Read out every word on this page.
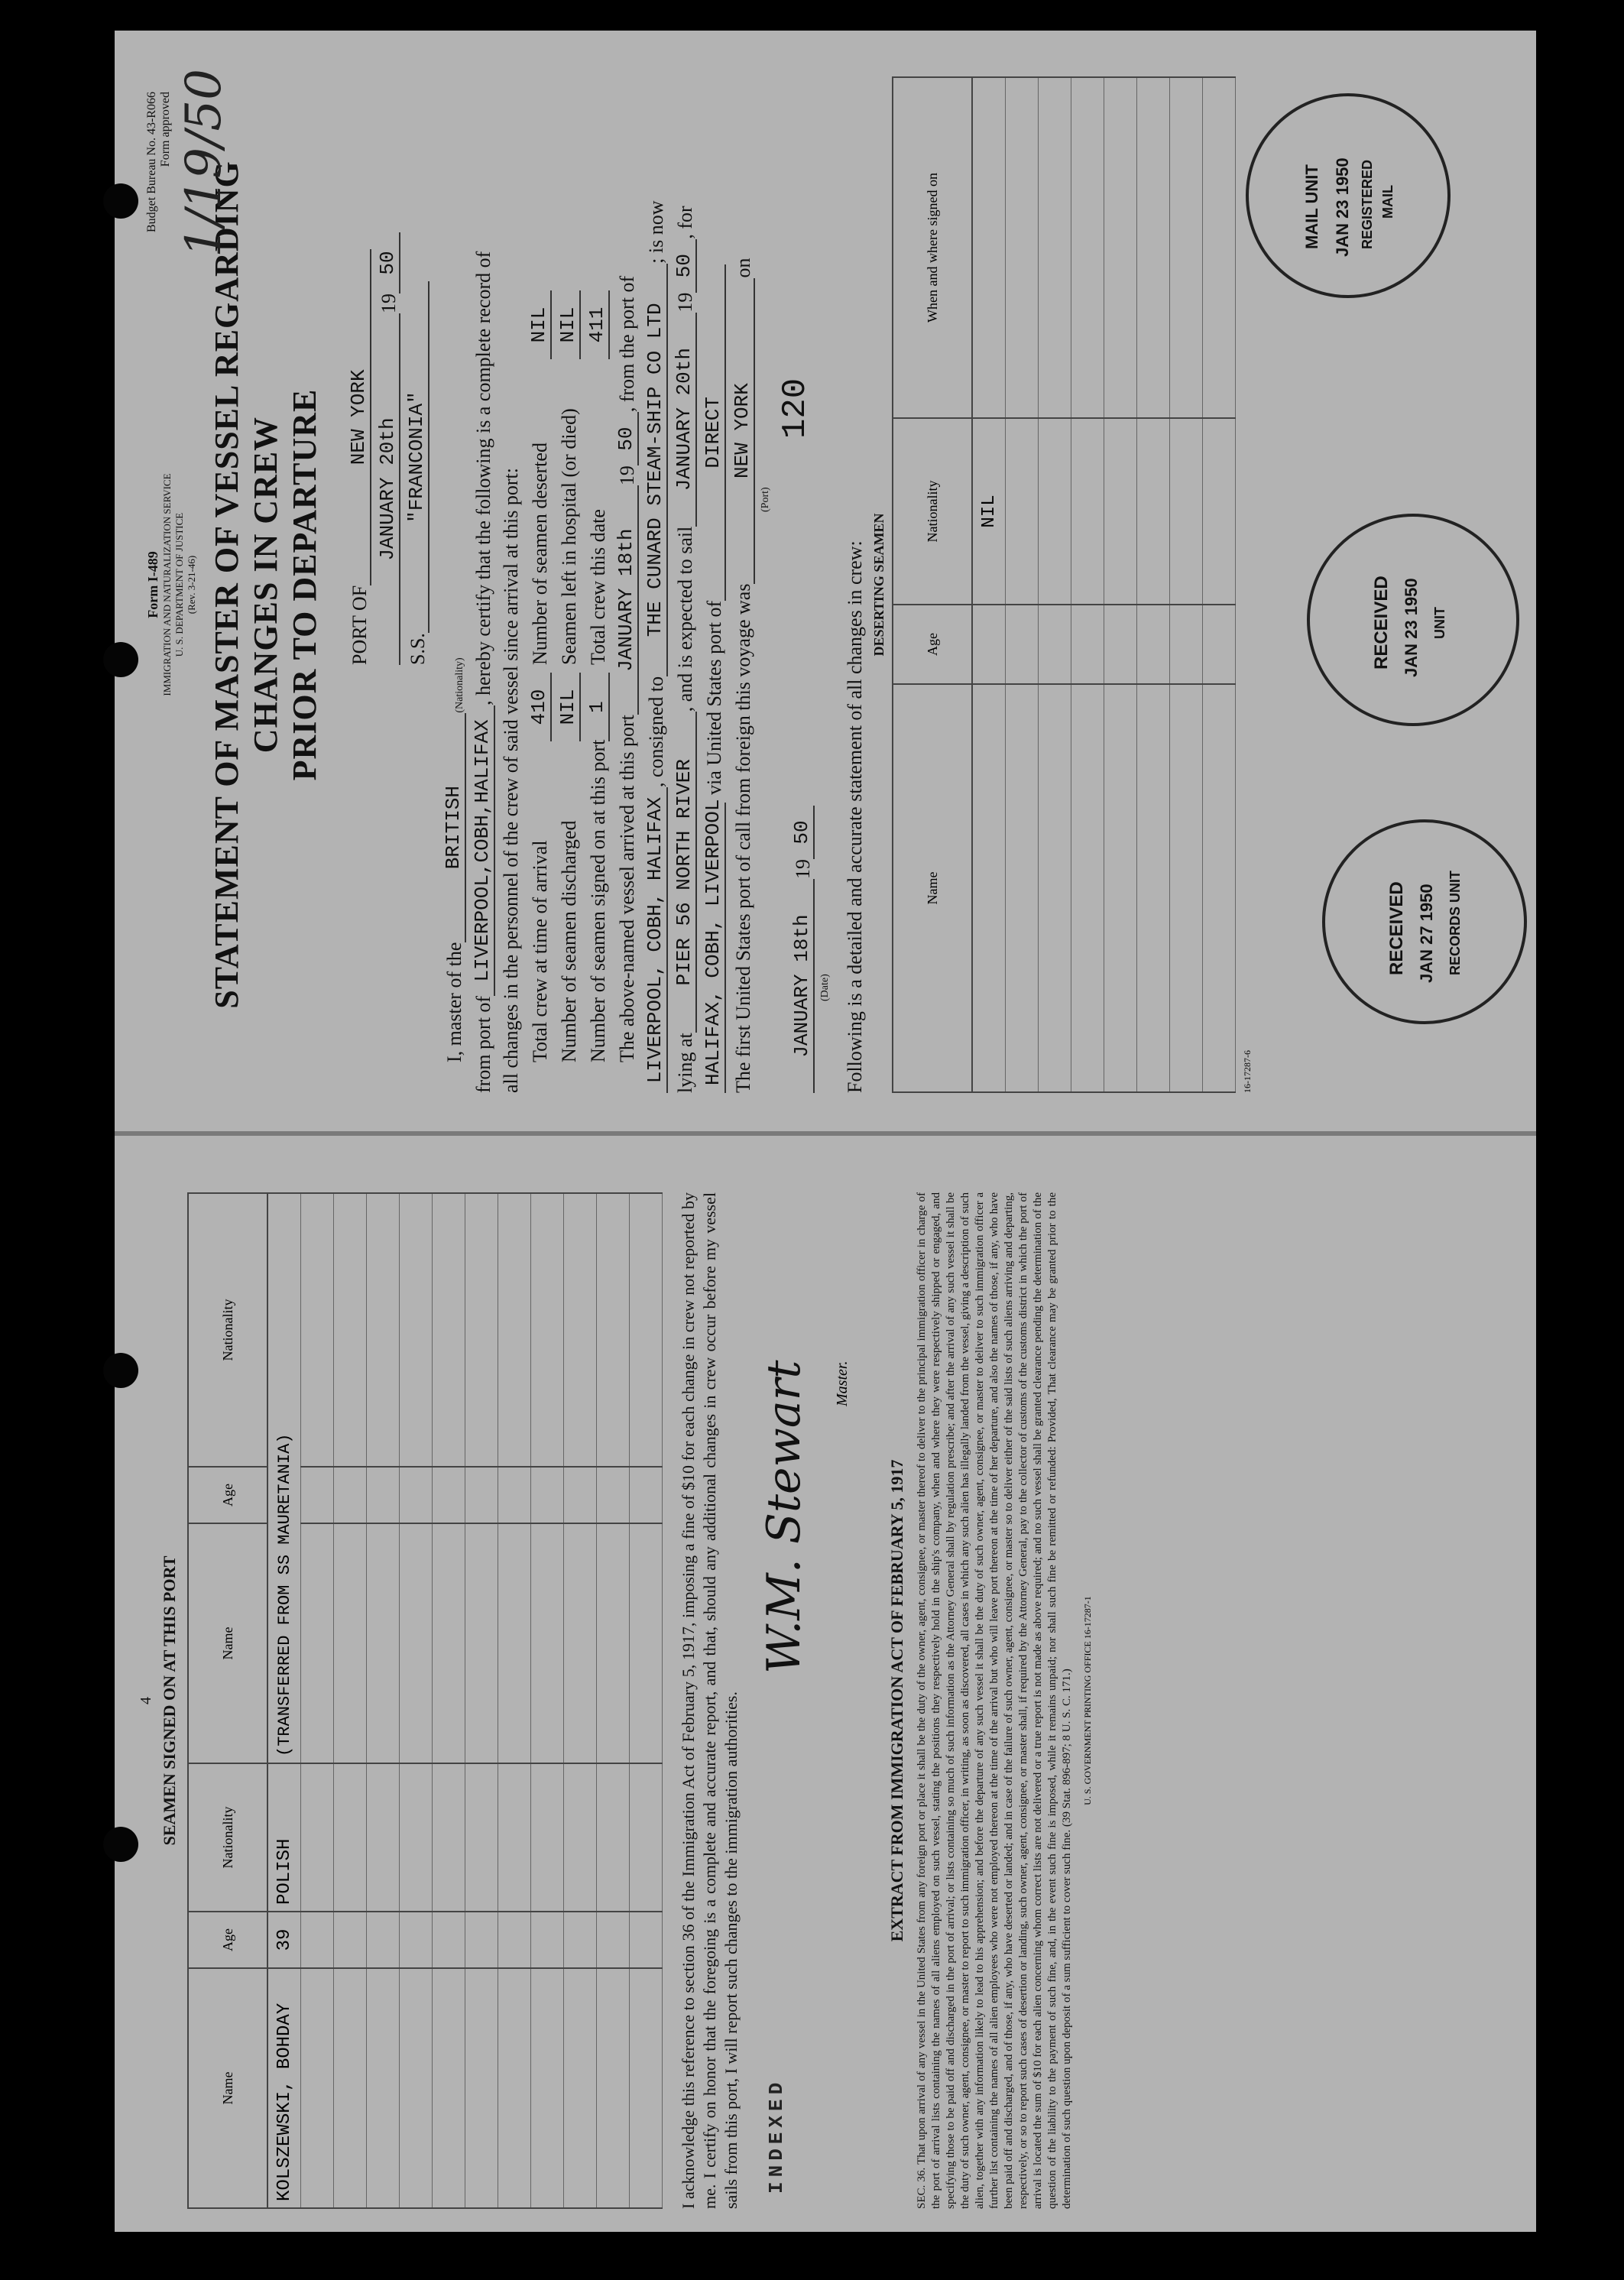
Budget Bureau No. 43-R066 Form approved 1/19/50
Form I-489 IMMIGRATION AND NATURALIZATION SERVICE U. S. DEPARTMENT OF JUSTICE (Rev. 3-21-46) STATEMENT OF MASTER OF VESSEL REGARDING CHANGES IN CREW PRIOR TO DEPARTURE PORT OF
NEW YORK
JANUARY 20th
19
50
S.S.
"FRANCONIA"
I, master of the
BRITISH
(Nationality)
from port of
LIVERPOOL,COBH,HALIFAX
, hereby certify that the following is a complete record of all changes in the personnel of the crew of said vessel since arrival at this port: Total crew at time of arrival
410
Number of seamen deserted
NIL
Number of seamen discharged
NIL
Seamen left in hospital (or died)
NIL
Number of seamen signed on at this port
1
Total crew this date
411
The above-named vessel arrived at this port
JANUARY 18th
19
50
, from the port of
LIVERPOOL, COBH, HALIFAX
, consigned to
THE CUNARD STEAM-SHIP CO LTD
; is now
lying at
PIER 56 NORTH RIVER
, and is expected to sail
JANUARY 20th
19
50
, for
HALIFAX, COBH, LIVERPOOL
via United States port of
DIRECT
The first United States port of call from foreign this voyage was
NEW YORK
on
(Port)
JANUARY 18th
19
50
120
(Date) Following is a detailed and accurate statement of all changes in crew: DESERTING SEAMEN
Name	Age	Nationality	When and where signed on
		NIL	

16-17287-6
MAIL UNIT JAN 23 1950 REGISTERED MAIL
RECEIVED JAN 23 1950 UNIT
RECEIVED JAN 27 1950 RECORDS UNIT
4 SEAMEN SIGNED ON AT THIS PORT
Name	Age	Nationality	Name	Age	Nationality
KOLSZEWSKI, BOHDAY	39	POLISH	(TRANSFERRED FROM SS MAURETANIA)		

						I acknowledge this reference to section 36 of the Immigration Act of February 5, 1917, imposing a fine of $10 for each change in crew not reported by me. I certify on honor that the foregoing is a complete and accurate report, and that, should any additional changes in crew occur before my vessel sails from this port, I will report such changes to the immigration authorities. INDEXED
W.M. Stewart Master.
EXTRACT FROM IMMIGRATION ACT OF FEBRUARY 5, 1917 SEC. 36. That upon arrival of any vessel in the United States from any foreign port or place it shall be the duty of the owner, agent, consignee, or master thereof to deliver to the principal immigration officer in charge of the port of arrival lists containing the names of all aliens employed on such vessel, stating the positions they respectively hold in the ship's company, when and where they were respectively shipped or engaged, and specifying those to be paid off and discharged in the port of arrival; or lists containing so much of such information as the Attorney General shall by regulation prescribe; and after the arrival of any such vessel it shall be the duty of such owner, agent, consignee, or master to report to such immigration officer, in writing, as soon as discovered, all cases in which any such alien has illegally landed from the vessel, giving a description of such alien, together with any information likely to lead to his apprehension; and before the departure of any such vessel it shall be the duty of such owner, agent, consignee, or master to deliver to such immigration officer a further list containing the names of all alien employees who were not employed thereon at the time of the arrival but who will leave port thereon at the time of her departure, and also the names of those, if any, who have been paid off and discharged, and of those, if any, who have deserted or landed; and in case of the failure of such owner, agent, consignee, or master so to deliver either of the said lists of such aliens arriving and departing, respectively, or so to report such cases of desertion or landing, such owner, agent, consignee, or master shall, if required by the Attorney General, pay to the collector of customs of the customs district in which the port of arrival is located the sum of $10 for each alien concerning whom correct lists are not delivered or a true report is not made as above required; and no such vessel shall be granted clearance pending the determination of the question of the liability to the payment of such fine, and, in the event such fine is imposed, while it remains unpaid; nor shall such fine be remitted or refunded: Provided, That clearance may be granted prior to the determination of such question upon deposit of a sum sufficient to cover such fine. (39 Stat. 896-897; 8 U. S. C. 171.) U. S. GOVERNMENT PRINTING OFFICE 16-17287-1
